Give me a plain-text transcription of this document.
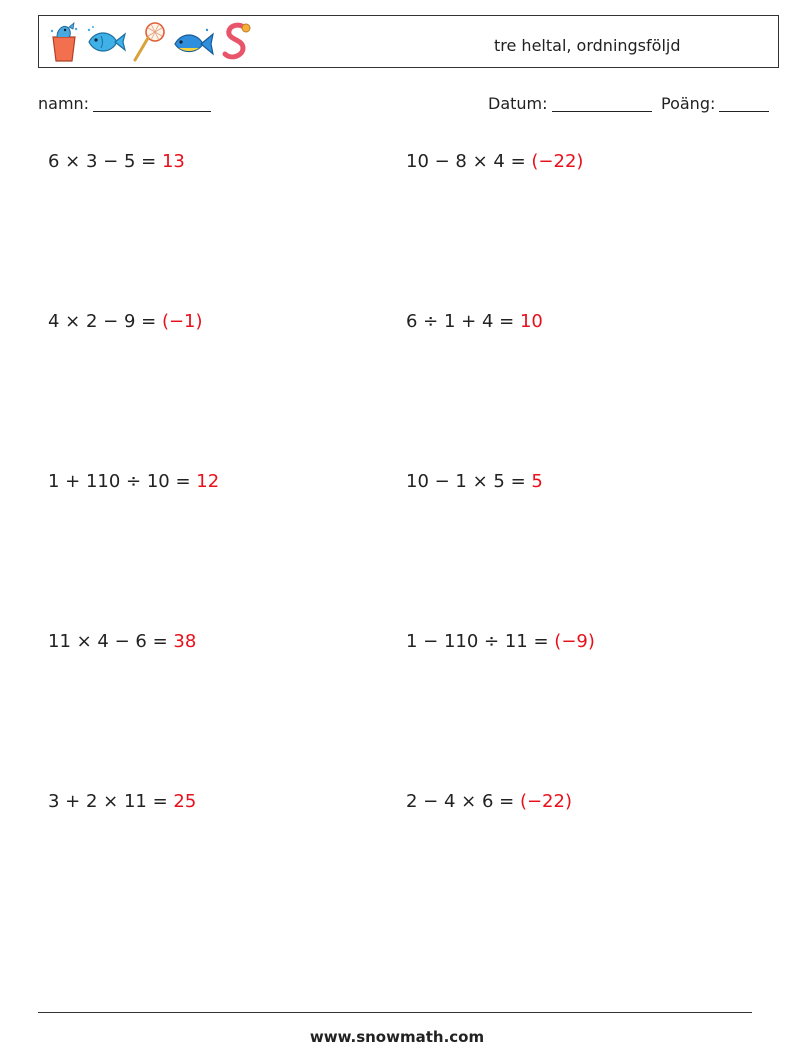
tre heltal, ordningsföljd
namn:	Datum:	Poäng:
6 × 3 − 5 = 13	10 − 8 × 4 = (−22)
4 × 2 − 9 = (−1)	6 ÷ 1 + 4 = 10
1 + 110 ÷ 10 = 12	10 − 1 × 5 = 5
11 × 4 − 6 = 38	1 − 110 ÷ 11 = (−9)
3 + 2 × 11 = 25	2 − 4 × 6 = (−22)
www.snowmath.com
